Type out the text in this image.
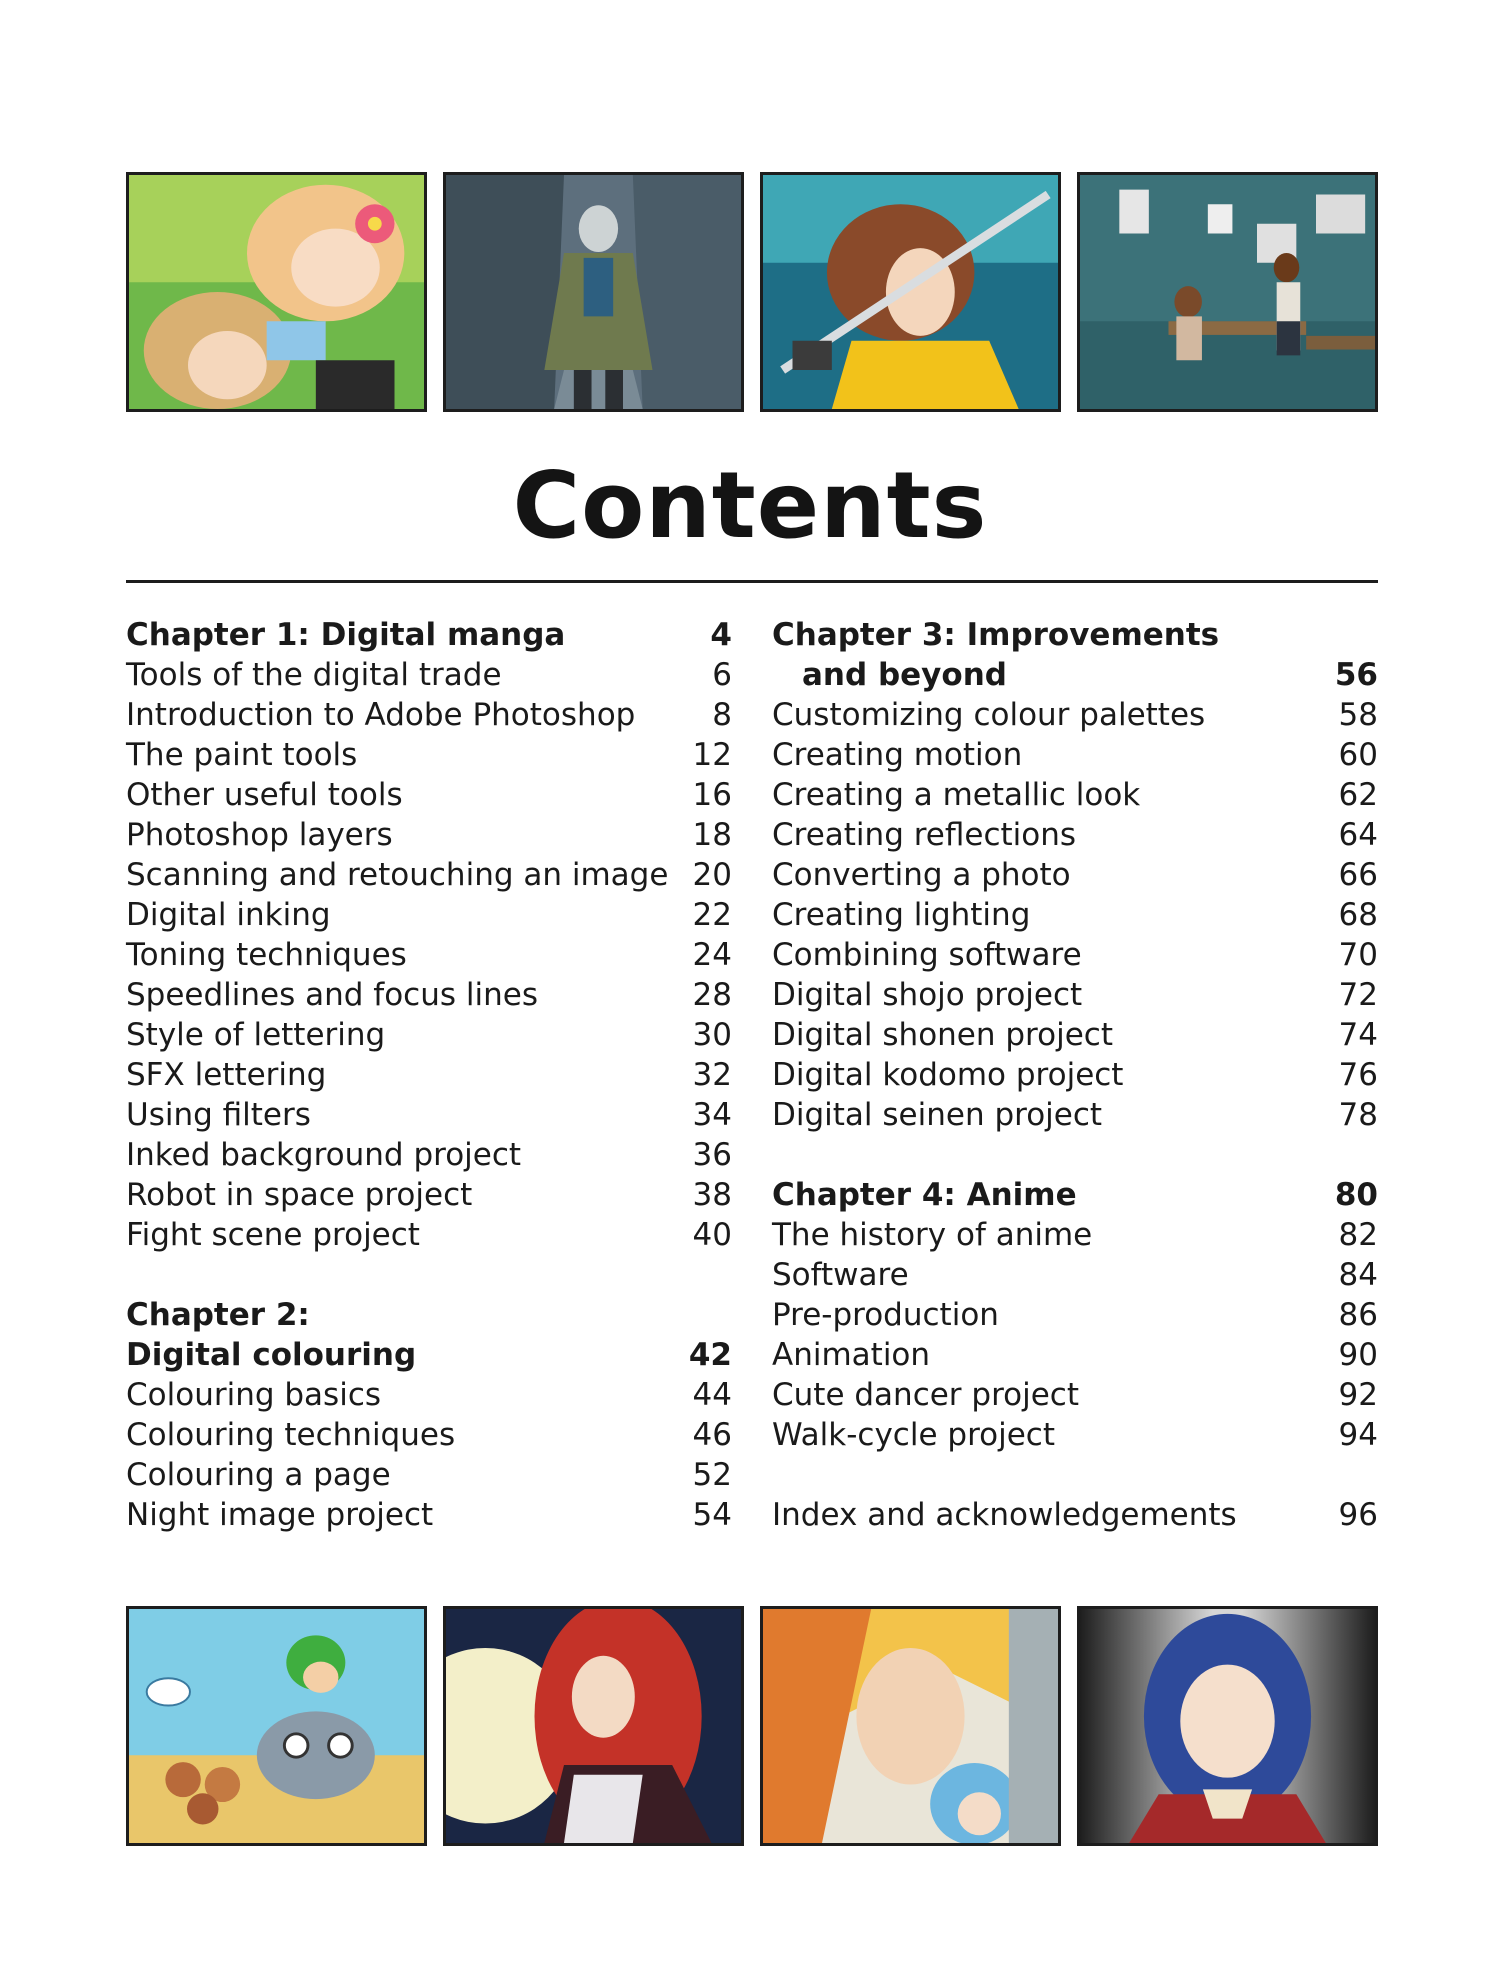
Contents
Chapter 1: Digital manga	4
Tools of the digital trade	6
Introduction to Adobe Photoshop 8
The paint tools	12
Other useful tools	16
Photoshop layers	18
Scanning and retouching an image 20
Digital inking	22
Toning techniques	24
Speedlines and focus lines	28
Style of lettering	30
SFX lettering	32
Using filters	34
Inked background project	36
Robot in space project	38
Fight scene project	40
Chapter 2:
Digital colouring	42
Colouring basics	44
Colouring techniques	46
Colouring a page	52
Night image project	54
Chapter 3: Improvements
and beyond	56
Customizing colour palettes	58
Creating motion	60
Creating a metallic look	62
Creating reflections	64
Converting a photo	66
Creating lighting	68
Combining software	70
Digital shojo project	72
Digital shonen project	74
Digital kodomo project	76
Digital seinen project	78
Chapter 4: Anime	80
The history of anime	82
Software	84
Pre-production	86
Animation	90
Cute dancer project	92
Walk-cycle project	94
Index and acknowledgements	96
